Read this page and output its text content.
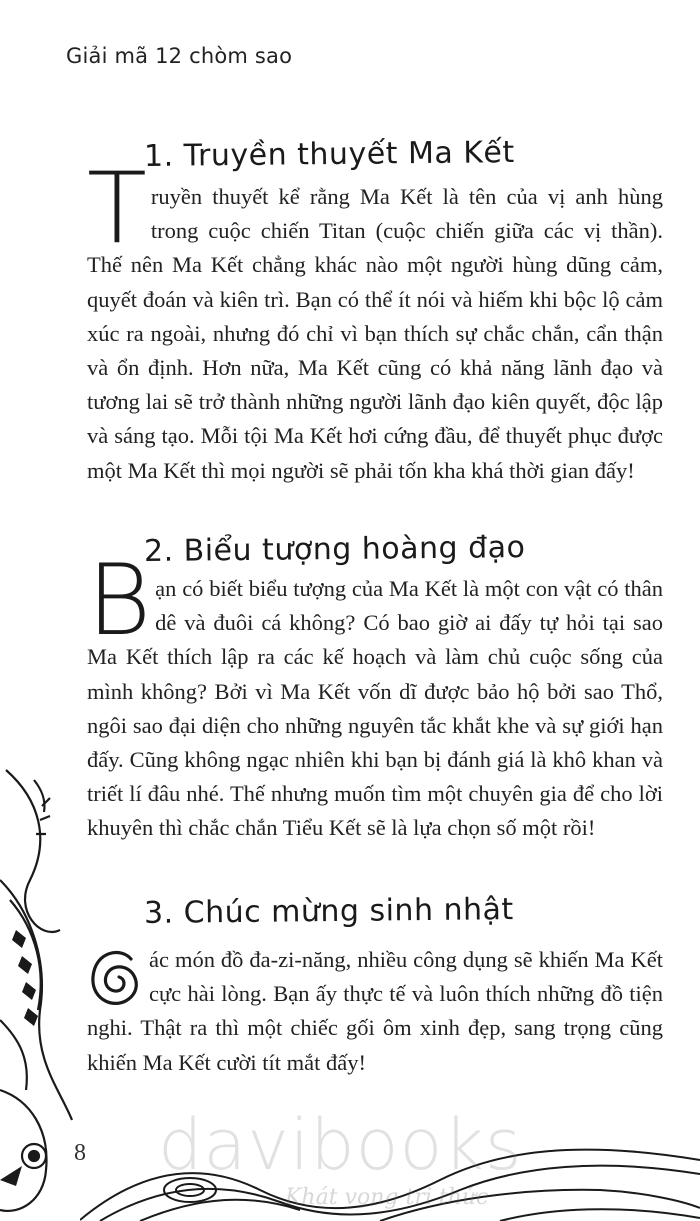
Giải mã 12 chòm sao
1. Truyền thuyết Ma Kết
Truyền thuyết kể rằng Ma Kết là tên của vị anh hùng trong cuộc chiến Titan (cuộc chiến giữa các vị thần). Thế nên Ma Kết chẳng khác nào một người hùng dũng cảm, quyết đoán và kiên trì. Bạn có thể ít nói và hiếm khi bộc lộ cảm xúc ra ngoài, nhưng đó chỉ vì bạn thích sự chắc chắn, cẩn thận và ổn định. Hơn nữa, Ma Kết cũng có khả năng lãnh đạo và tương lai sẽ trở thành những người lãnh đạo kiên quyết, độc lập và sáng tạo. Mỗi tội Ma Kết hơi cứng đầu, để thuyết phục được một Ma Kết thì mọi người sẽ phải tốn kha khá thời gian đấy!
2. Biểu tượng hoàng đạo
Bạn có biết biểu tượng của Ma Kết là một con vật có thân dê và đuôi cá không? Có bao giờ ai đấy tự hỏi tại sao Ma Kết thích lập ra các kế hoạch và làm chủ cuộc sống của mình không? Bởi vì Ma Kết vốn dĩ được bảo hộ bởi sao Thổ, ngôi sao đại diện cho những nguyên tắc khắt khe và sự giới hạn đấy. Cũng không ngạc nhiên khi bạn bị đánh giá là khô khan và triết lí đâu nhé. Thế nhưng muốn tìm một chuyên gia để cho lời khuyên thì chắc chắn Tiểu Kết sẽ là lựa chọn số một rồi!
3. Chúc mừng sinh nhật
ác món đồ đa-zi-năng, nhiều công dụng sẽ khiến Ma Kết cực hài lòng. Bạn ấy thực tế và luôn thích những đồ tiện nghi. Thật ra thì một chiếc gối ôm xinh đẹp, sang trọng cũng khiến Ma Kết cười tít mắt đấy!
8 davibooks
Khát vọng tri thức
